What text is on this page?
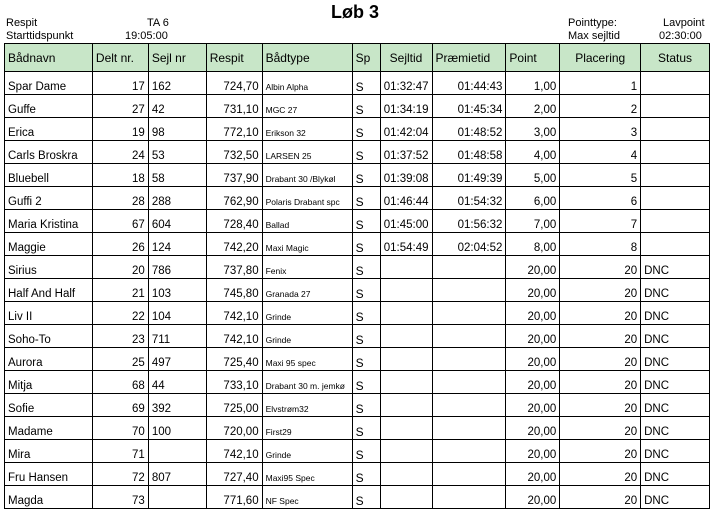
Respit	TA 6
Starttidspunkt	19:05:00
Løb 3
Pointtype:	Lavpoint
Max sejltid	02:30:00
Bådnavn	Delt nr.	Sejl nr	Respit	Bådtype	Sp	Sejltid	Præmietid	Point	Placering	Status
Spar Dame	17	162	724,70	Albin Alpha	S	01:32:47	01:44:43	1,00	1	
Guffe	27	42	731,10	MGC 27	S	01:34:19	01:45:34	2,00	2	
Erica	19	98	772,10	Erikson 32	S	01:42:04	01:48:52	3,00	3	
Carls Broskra	24	53	732,50	LARSEN 25	S	01:37:52	01:48:58	4,00	4	
Bluebell	18	58	737,90	Drabant 30 /Blykøl	S	01:39:08	01:49:39	5,00	5	
Guffi 2	28	288	762,90	Polaris Drabant spc	S	01:46:44	01:54:32	6,00	6	
Maria Kristina	67	604	728,40	Ballad	S	01:45:00	01:56:32	7,00	7	
Maggie	26	124	742,20	Maxi Magic	S	01:54:49	02:04:52	8,00	8	
Sirius	20	786	737,80	Fenix	S			20,00	20	DNC
Half And Half	21	103	745,80	Granada 27	S			20,00	20	DNC
Liv II	22	104	742,10	Grinde	S			20,00	20	DNC
Soho-To	23	711	742,10	Grinde	S			20,00	20	DNC
Aurora	25	497	725,40	Maxi 95 spec	S			20,00	20	DNC
Mitja	68	44	733,10	Drabant 30 m. jemkø	S			20,00	20	DNC
Sofie	69	392	725,00	Elvstrøm32	S			20,00	20	DNC
Madame	70	100	720,00	First29	S			20,00	20	DNC
Mira	71		742,10	Grinde	S			20,00	20	DNC
Fru Hansen	72	807	727,40	Maxi95 Spec	S			20,00	20	DNC
Magda	73		771,60	NF Spec	S			20,00	20	DNC
